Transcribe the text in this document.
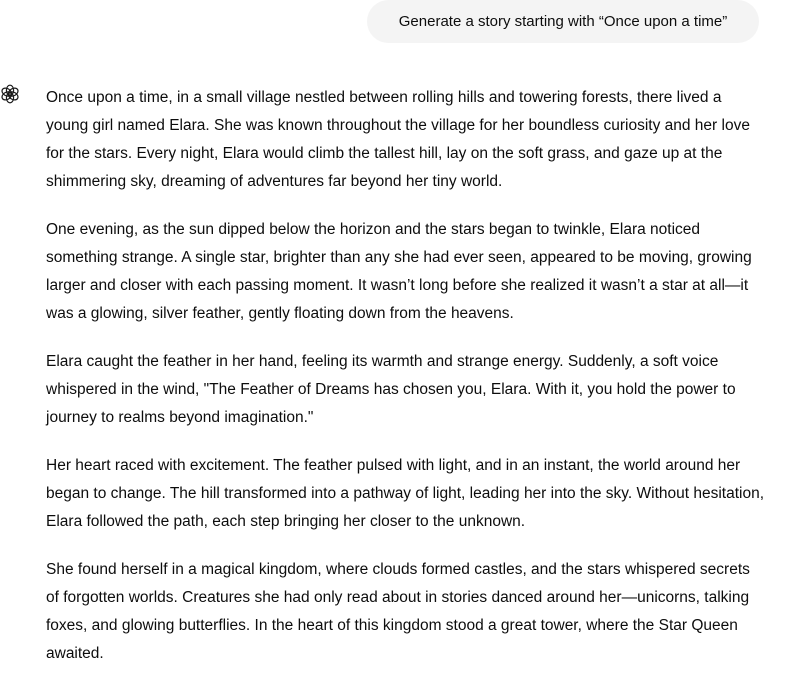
Generate a story starting with “Once upon a time”

Once upon a time, in a small village nestled between rolling hills and towering forests, there lived a young girl named Elara. She was known throughout the village for her boundless curiosity and her love for the stars. Every night, Elara would climb the tallest hill, lay on the soft grass, and gaze up at the shimmering sky, dreaming of adventures far beyond her tiny world.

One evening, as the sun dipped below the horizon and the stars began to twinkle, Elara noticed something strange. A single star, brighter than any she had ever seen, appeared to be moving, growing larger and closer with each passing moment. It wasn’t long before she realized it wasn’t a star at all—it was a glowing, silver feather, gently floating down from the heavens.

Elara caught the feather in her hand, feeling its warmth and strange energy. Suddenly, a soft voice whispered in the wind, "The Feather of Dreams has chosen you, Elara. With it, you hold the power to journey to realms beyond imagination."

Her heart raced with excitement. The feather pulsed with light, and in an instant, the world around her began to change. The hill transformed into a pathway of light, leading her into the sky. Without hesitation, Elara followed the path, each step bringing her closer to the unknown.

She found herself in a magical kingdom, where clouds formed castles, and the stars whispered secrets of forgotten worlds. Creatures she had only read about in stories danced around her—unicorns, talking foxes, and glowing butterflies. In the heart of this kingdom stood a great tower, where the Star Queen awaited.
